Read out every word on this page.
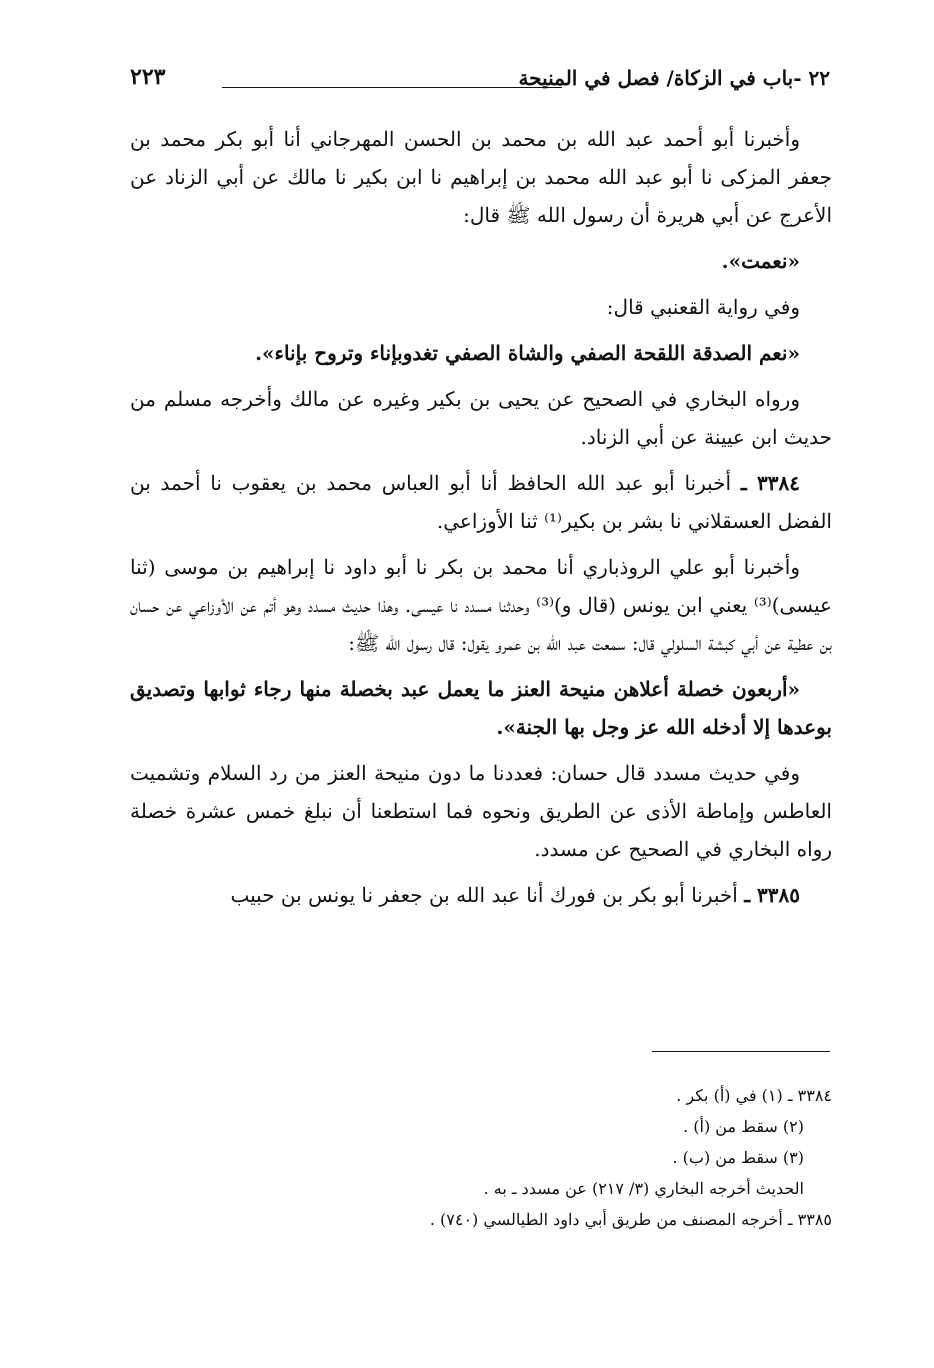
٢٢ -باب في الزكاة/ فصل في المنيحة
٢٢٣

وأخبرنا أبو أحمد عبد الله بن محمد بن الحسن المهرجاني أنا أبو بكر محمد بن جعفر المزكى نا أبو عبد الله محمد بن إبراهيم نا ابن بكير نا مالك عن أبي الزناد عن الأعرج عن أبي هريرة أن رسول الله ﷺ قال:

«نعمت».

وفي رواية القعنبي قال:

«نعم الصدقة اللقحة الصفي والشاة الصفي تغدوبإناء وتروح بإناء».

ورواه البخاري في الصحيح عن يحيى بن بكير وغيره عن مالك وأخرجه مسلم من حديث ابن عيينة عن أبي الزناد.

٣٣٨٤ ـ أخبرنا أبو عبد الله الحافظ أنا أبو العباس محمد بن يعقوب نا أحمد بن الفضل العسقلاني نا بشر بن بكير⁽¹⁾ ثنا الأوزاعي.

وأخبرنا أبو علي الروذباري أنا محمد بن بكر نا أبو داود نا إبراهيم بن موسى (ثنا عيسى)⁽³⁾ يعني ابن يونس (قال و)⁽³⁾ وحدثنا مسدد نا عيسى. وهذا حديث مسدد وهو أتم عن الأوزاعي عن حسان بن عطية عن أبي كبشة السلولي قال: سمعت عبد الله بن عمرو يقول: قال رسول الله ﷺ:

«أربعون خصلة أعلاهن منيحة العنز ما يعمل عبد بخصلة منها رجاء ثوابها وتصديق بوعدها إلا أدخله الله عز وجل بها الجنة».

وفي حديث مسدد قال حسان: فعددنا ما دون منيحة العنز من رد السلام وتشميت العاطس وإماطة الأذى عن الطريق ونحوه فما استطعنا أن نبلغ خمس عشرة خصلة رواه البخاري في الصحيح عن مسدد.

٣٣٨٥ ـ أخبرنا أبو بكر بن فورك أنا عبد الله بن جعفر نا يونس بن حبيب

٣٣٨٤ ـ (١) في (أ) بكر .
(٢) سقط من (أ) .
(٣) سقط من (ب) .
الحديث أخرجه البخاري (٣/ ٢١٧) عن مسدد ـ به .
٣٣٨٥ ـ أخرجه المصنف من طريق أبي داود الطيالسي (٧٤٠) .
